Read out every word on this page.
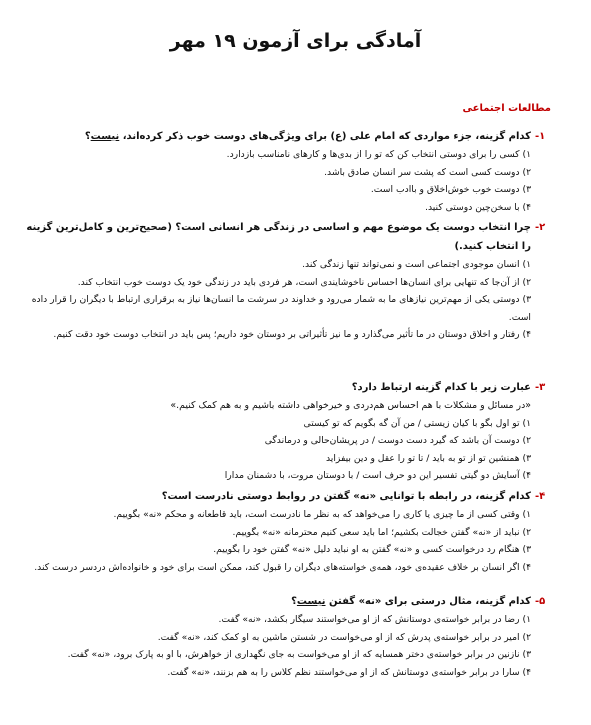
آمادگی برای آزمون ۱۹ مهر
مطالعات اجتماعی
۱-
کدام گزینه، جزء مواردی که امام علی (ع) برای ویژگی‌های دوست خوب ذکر کرده‌اند، نیست؟
۱) کسی را برای دوستی انتخاب کن که تو را از بدی‌ها و کارهای نامناسب بازدارد.
۲) دوست کسی است که پشت سر انسان صادق باشد.
۳) دوست خوب خوش‌اخلاق و باادب است.
۴) با سخن‌چین دوستی کنید.
۲-
چرا انتخاب دوست یک موضوع مهم و اساسی در زندگی هر انسانی است؟ (صحیح‌ترین و کامل‌ترین گزینه را انتخاب کنید.)
۱) انسان موجودی اجتماعی است و نمی‌تواند تنها زندگی کند.
۲) از آن‌جا که تنهایی برای انسان‌ها احساس ناخوشایندی است، هر فردی باید در زندگی خود یک دوست خوب انتخاب کند.
۳) دوستی یکی از مهم‌ترین نیازهای ما به شمار می‌رود و خداوند در سرشت ما انسان‌ها نیاز به برقراری ارتباط با دیگران را قرار داده است.
۴) رفتار و اخلاق دوستان در ما تأثیر می‌گذارد و ما نیز تأثیراتی بر دوستان خود داریم؛ پس باید در انتخاب دوست خود دقت کنیم.
۳-
عبارت زیر با کدام گزینه ارتباط دارد؟
«در مسائل و مشکلات با هم احساس هم‌دردی و خیرخواهی داشته باشیم و به هم کمک کنیم.»
۱) تو اول بگو با کیان زیستی / من آن گه بگویم که تو کیستی
۲) دوست آن باشد که گیرد دست دوست / در پریشان‌حالی و درماندگی
۳) همنشین تو از تو به باید / تا تو را عقل و دین بیفزاید
۴) آسایش دو گیتی تفسیر این دو حرف است / با دوستان مروت، با دشمنان مدارا
۴-
کدام گزینه، در رابطه با توانایی «نه» گفتن در روابط دوستی نادرست است؟
۱) وقتی کسی از ما چیزی یا کاری را می‌خواهد که به نظر ما نادرست است، باید قاطعانه و محکم «نه» بگوییم.
۲) نباید از «نه» گفتن خجالت بکشیم؛ اما باید سعی کنیم محترمانه «نه» بگوییم.
۳) هنگام رد درخواست کسی و «نه» گفتن به او نباید دلیل «نه» گفتن خود را بگوییم.
۴) اگر انسان بر خلاف عقیده‌ی خود، همه‌ی خواسته‌های دیگران را قبول کند، ممکن است برای خود و خانواده‌اش دردسر درست کند.
۵-
کدام گزینه، مثال درستی برای «نه» گفتن نیست؟
۱) رضا در برابر خواسته‌ی دوستانش که از او می‌خواستند سیگار بکشد، «نه» گفت.
۲) امیر در برابر خواسته‌ی پدرش که از او می‌خواست در شستن ماشین به او کمک کند، «نه» گفت.
۳) نازنین در برابر خواسته‌ی دختر همسایه که از او می‌خواست به جای نگهداری از خواهرش، با او به پارک برود، «نه» گفت.
۴) سارا در برابر خواسته‌ی دوستانش که از او می‌خواستند نظم کلاس را به هم بزنند، «نه» گفت.
